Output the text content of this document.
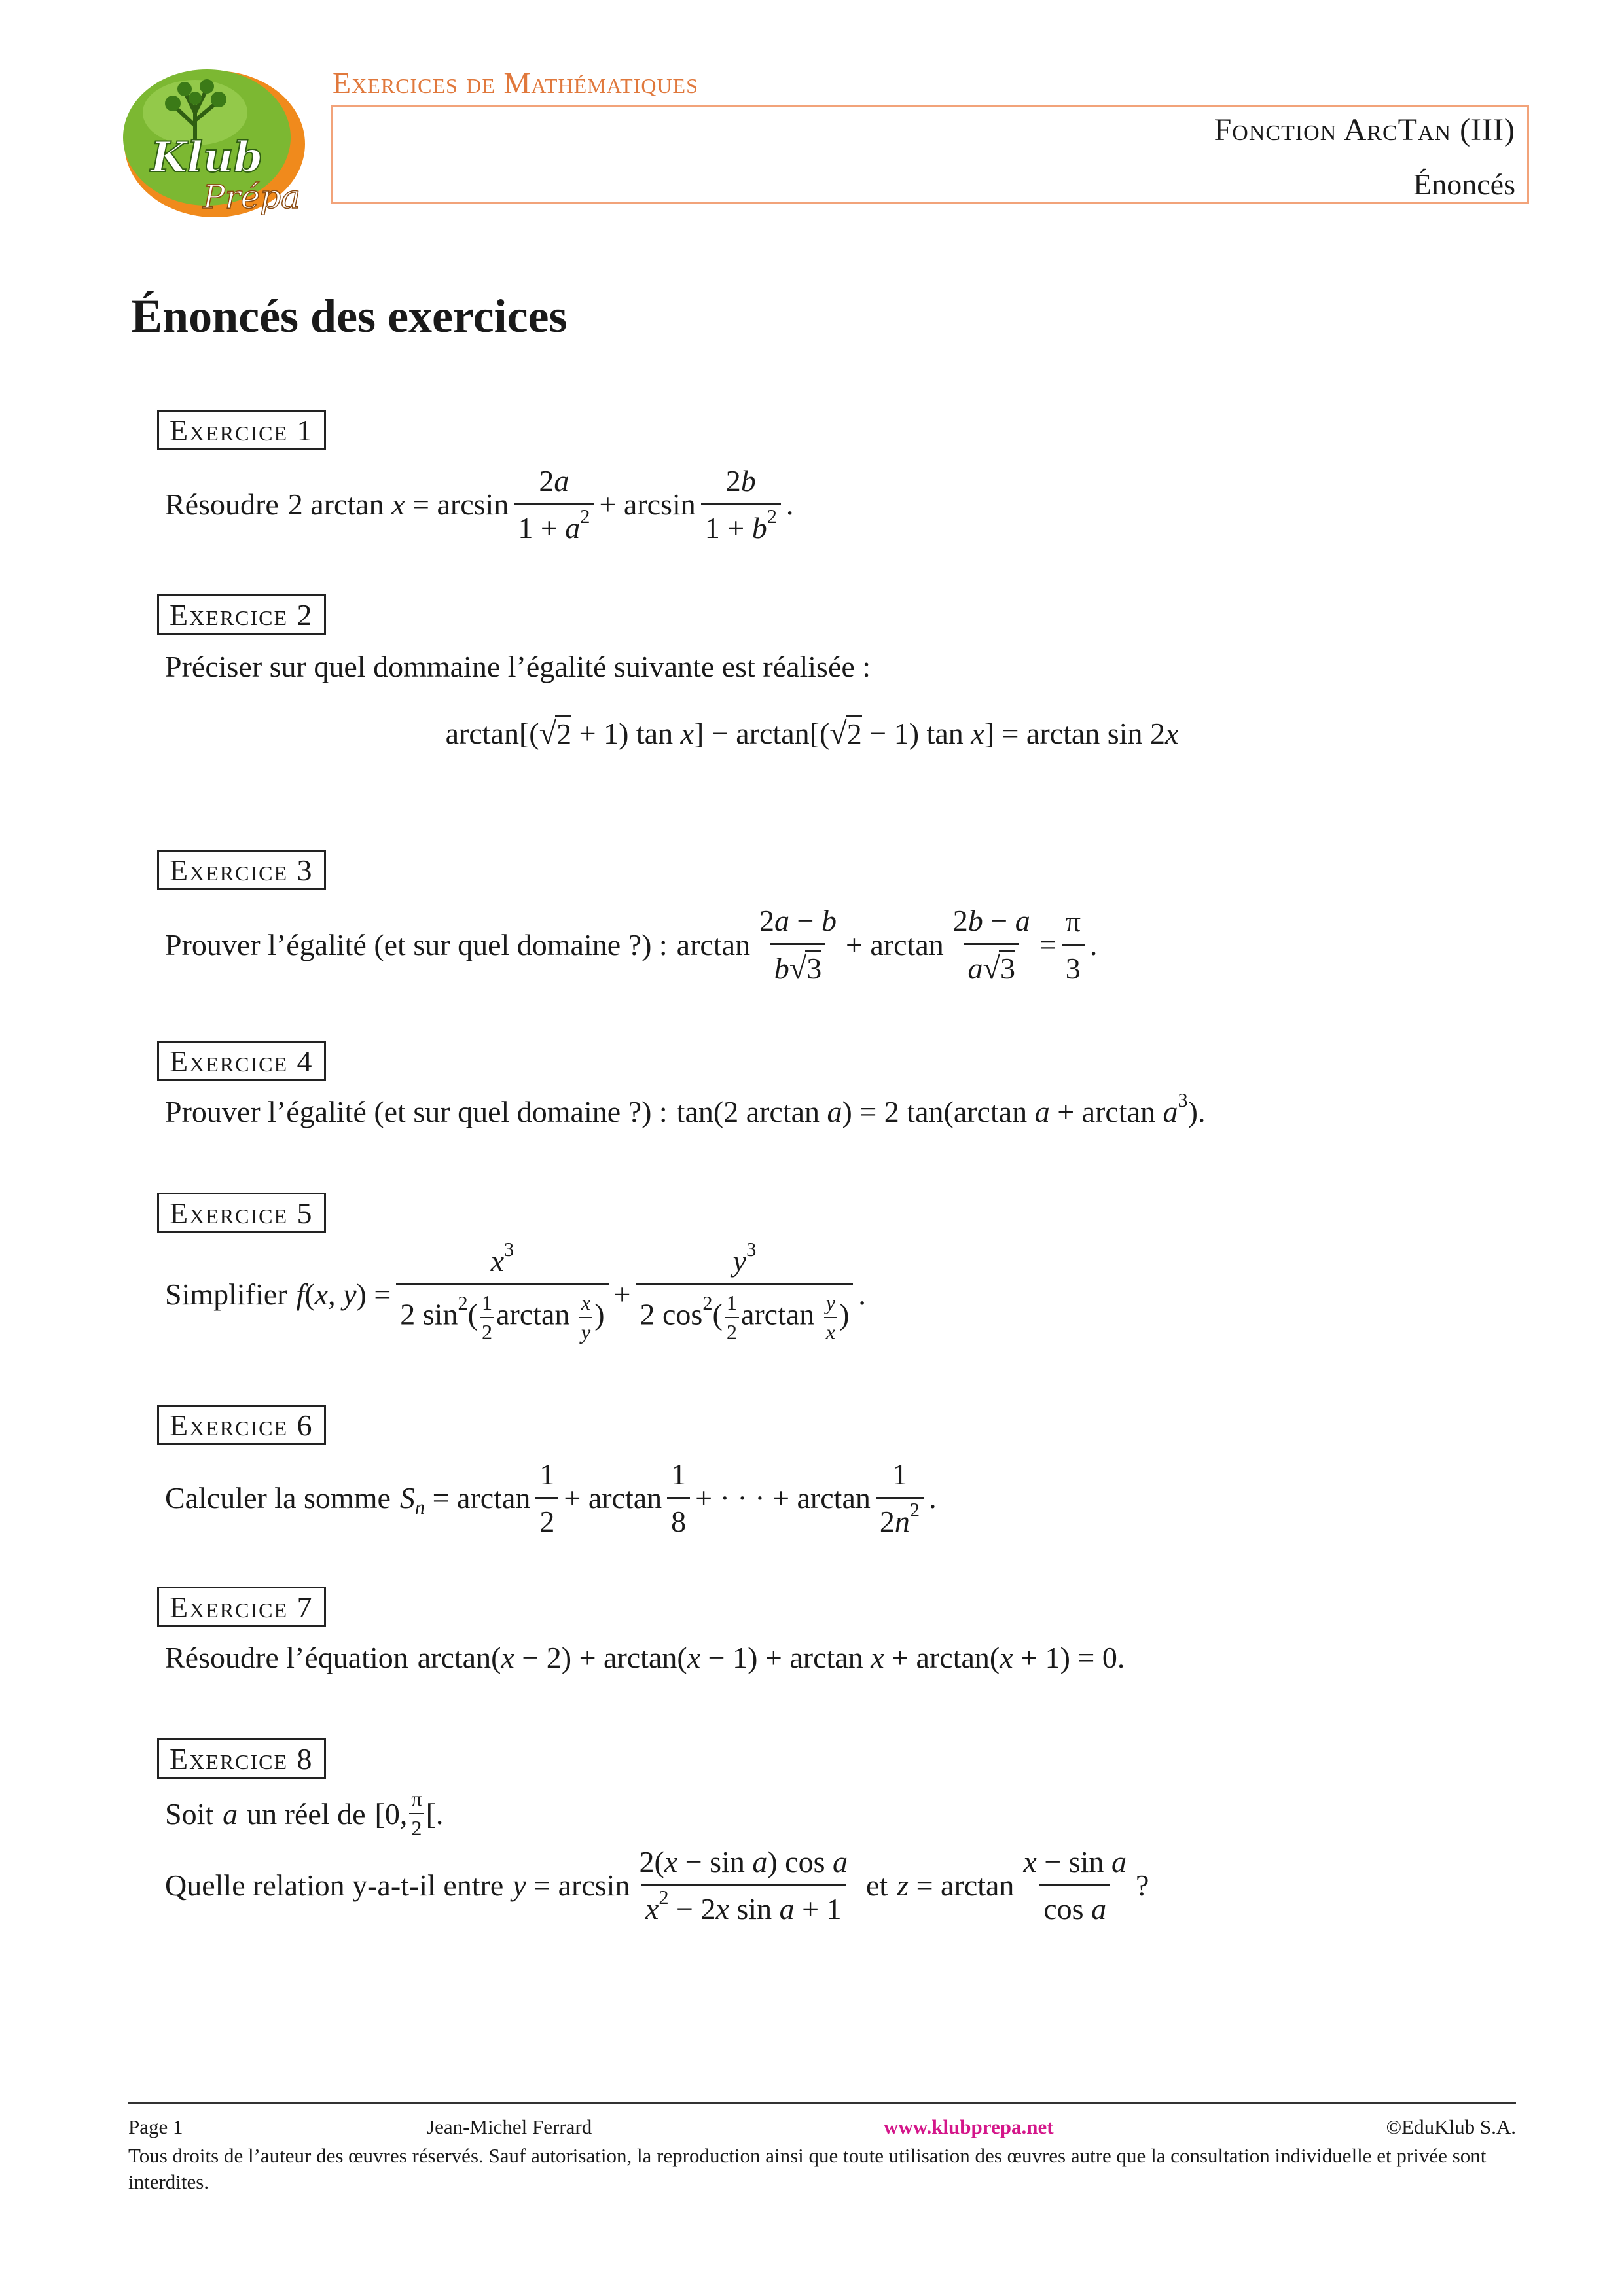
Klub
Prépa
Exercices de Mathématiques
Fonction ArcTan (III)
Énoncés
Énoncés des exercices
Exercice 1
Résoudre 2 $\arctan x = \arcsin \frac{2a}{1 + a^2} + \arcsin \frac{2b}{1 + b^2}$ .
Exercice 2
Préciser sur quel dommaine l’égalité suivante est réalisée :
arctan[( √ 2 + 1) tan x] − arctan[( √ 2 − 1) tan x] = arctan sin 2x
Exercice 3
Prouver l’égalité (et sur quel domaine ?) : $\arctan \frac{2a - b}{b√3} + \arctan \frac{2b - a}{a√3} = \frac{\pi}{3}$ .
Exercice 4
Prouver l’égalité (et sur quel domaine ?) : tan(2 arctan a) = 2 tan(arctan $a + \arctan a^3$).
Exercice 5
Simplifier f(x, $y) = \frac{x^3}{2 \sin^2( \frac{1}{2} \arctan \frac{x}{y} )} + \frac{y^3}{2 \cos^2( \frac{1}{2} \arctan \frac{y}{x} )}$ .
Exercice 6
Calculer la somme $S_n = \arctan \frac{1}{2} + \arctan \frac{1}{8}$ + · · · + $\arctan \frac{1}{2n^2}$ .
Exercice 7
Résoudre l’équation arctan(x − 2) + arctan(x − 1) + arctan x + arctan(x + 1) = 0.
Exercice 8
Soit a un réel de [0, $\frac{\pi}{2}$ [.
Quelle relation y-a-t-il entre $y = \arcsin \frac{\text{2(x − sin a) cos a}}{x^2 - 2x \sin a + 1}$ et $z = \arctan \frac{\text{x − sin a}}{\text{cos a}}$ ?
Page 1	Jean-Michel Ferrard	www.klubprepa.net	©EduKlub S.A.
Tous droits de l’auteur des œuvres réservés. Sauf autorisation, la reproduction ainsi que toute utilisation des œuvres autre que la consultation individuelle et privée sont interdites.
